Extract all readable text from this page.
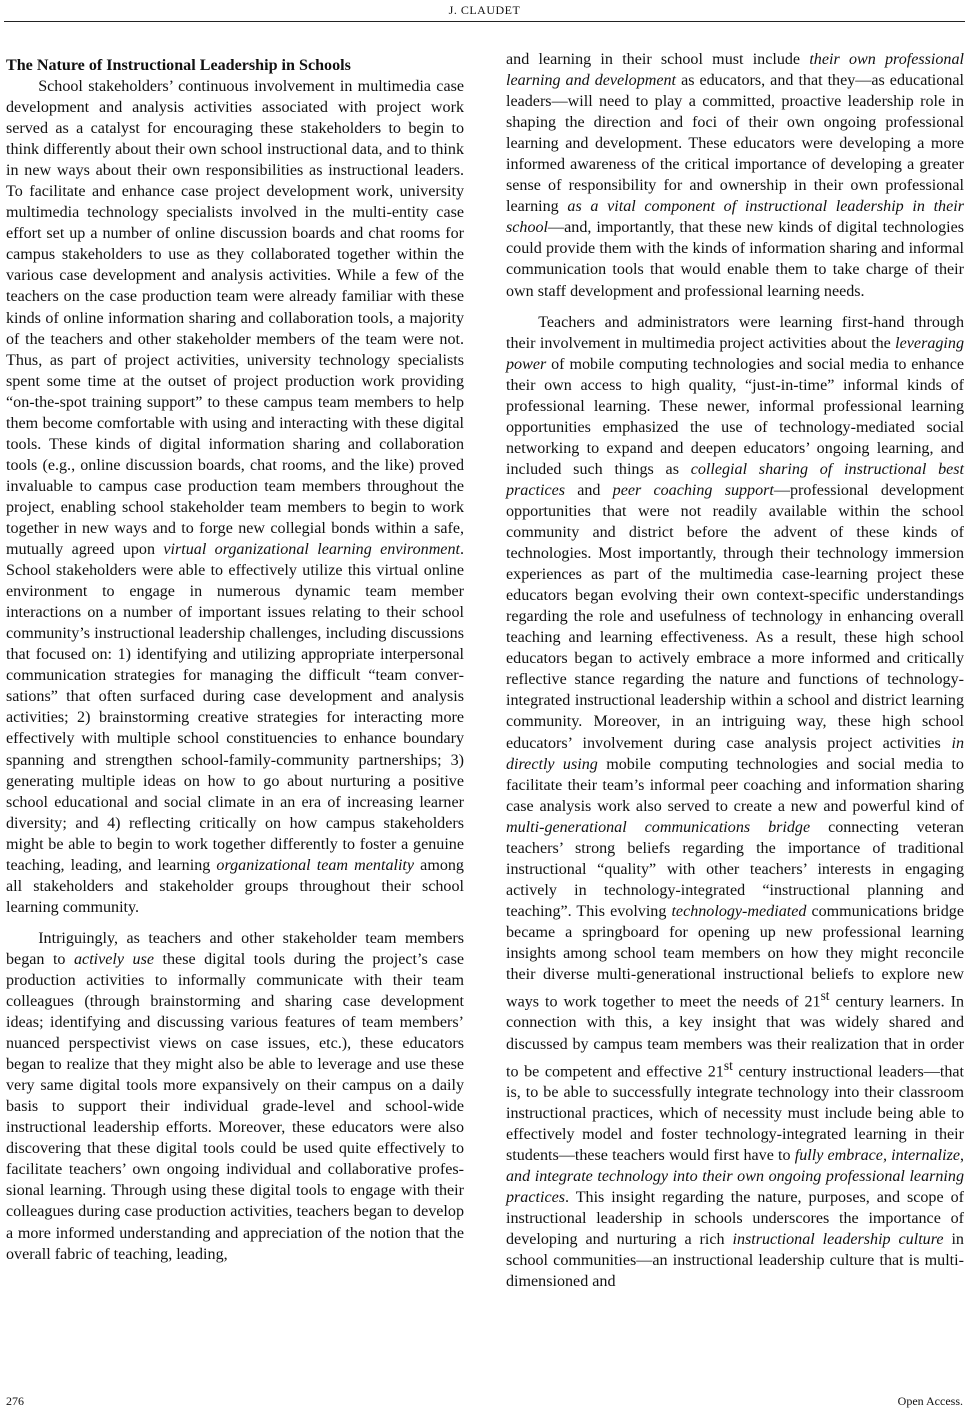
J. CLAUDET
The Nature of Instructional Leadership in Schools

School stakeholders’ continuous involvement in multimedia case development and analysis activities associated with project work served as a catalyst for encouraging these stakeholders to begin to think differently about their own school instructional data, and to think in new ways about their own responsibilities as instructional leaders. To facilitate and enhance case project development work, university multimedia technology specialists involved in the multi-entity case effort set up a number of online discussion boards and chat rooms for campus stakeholders to use as they collaborated together within the various case development and analysis activities. While a few of the teachers on the case production team were already familiar with these kinds of online information sharing and collaboration tools, a majority of the teachers and other stakeholder members of the team were not. Thus, as part of project activities, university technology specialists spent some time at the outset of project production work providing “on-the-spot training support” to these campus team members to help them become comfortable with using and interacting with these digital tools. These kinds of digital information sharing and collaboration tools (e.g., online discussion boards, chat rooms, and the like) proved invaluable to campus case production team members throughout the project, enabling school stakeholder team members to begin to work together in new ways and to forge new collegial bonds within a safe, mutually agreed upon virtual organizational learning environment. School stakeholders were able to effectively utilize this virtual online environment to engage in numerous dynamic team member interactions on a number of important issues relating to their school community’s instructional leadership challenges, including discussions that focused on: 1) identifying and utilizing appropriate interpersonal communication strategies for managing the difficult “team conversations” that often surfaced during case development and analysis activities; 2) brainstorming creative strategies for interacting more effectively with multiple school constituencies to enhance boundary spanning and strengthen school-family-community partnerships; 3) generating multiple ideas on how to go about nurturing a positive school educational and social climate in an era of increasing learner diversity; and 4) reflecting critically on how campus stakeholders might be able to begin to work together differently to foster a genuine teaching, leading, and learning organizational team mentality among all stakeholders and stakeholder groups throughout their school learning community.

Intriguingly, as teachers and other stakeholder team members began to actively use these digital tools during the project’s case production activities to informally communicate with their team colleagues (through brainstorming and sharing case development ideas; identifying and discussing various features of team members’ nuanced perspectivist views on case issues, etc.), these educators began to realize that they might also be able to leverage and use these very same digital tools more expansively on their campus on a daily basis to support their individual grade-level and school-wide instructional leadership efforts. Moreover, these educators were also discovering that these digital tools could be used quite effectively to facilitate teachers’ own ongoing individual and collaborative professional learning. Through using these digital tools to engage with their colleagues during case production activities, teachers began to develop a more informed understanding and appreciation of the notion that the overall fabric of teaching, leading,

and learning in their school must include their own professional learning and development as educators, and that they—as educational leaders—will need to play a committed, proactive leadership role in shaping the direction and foci of their own ongoing professional learning and development. These educators were developing a more informed awareness of the critical importance of developing a greater sense of responsibility for and ownership in their own professional learning as a vital component of instructional leadership in their school—and, importantly, that these new kinds of digital technologies could provide them with the kinds of information sharing and informal communication tools that would enable them to take charge of their own staff development and professional learning needs.

Teachers and administrators were learning first-hand through their involvement in multimedia project activities about the leveraging power of mobile computing technologies and social media to enhance their own access to high quality, “just-in-time” informal kinds of professional learning. These newer, informal professional learning opportunities emphasized the use of technology-mediated social networking to expand and deepen educators’ ongoing learning, and included such things as collegial sharing of instructional best practices and peer coaching support—professional development opportunities that were not readily available within the school community and district before the advent of these kinds of technologies. Most importantly, through their technology immersion experiences as part of the multimedia case-learning project these educators began evolving their own context-specific understandings regarding the role and usefulness of technology in enhancing overall teaching and learning effectiveness. As a result, these high school educators began to actively embrace a more informed and critically reflective stance regarding the nature and functions of technology-integrated instructional leadership within a school and district learning community. Moreover, in an intriguing way, these high school educators’ involvement during case analysis project activities in directly using mobile computing technologies and social media to facilitate their team’s informal peer coaching and information sharing case analysis work also served to create a new and powerful kind of multi-generational communications bridge connecting veteran teachers’ strong beliefs regarding the importance of traditional instructional “quality” with other teachers’ interests in engaging actively in technology-integrated “instructional planning and teaching”. This evolving technology-mediated communications bridge became a springboard for opening up new professional learning insights among school team members on how they might reconcile their diverse multi-generational instructional beliefs to explore new ways to work together to meet the needs of 21st century learners. In connection with this, a key insight that was widely shared and discussed by campus team members was their realization that in order to be competent and effective 21st century instructional leaders—that is, to be able to successfully integrate technology into their classroom instructional practices, which of necessity must include being able to effectively model and foster technology-integrated learning in their students—these teachers would first have to fully embrace, internalize, and integrate technology into their own ongoing professional learning practices. This insight regarding the nature, purposes, and scope of instructional leadership in schools underscores the importance of developing and nurturing a rich instructional leadership culture in school communities—an instructional leadership culture that is multi-dimensioned and

276	Open Access.
